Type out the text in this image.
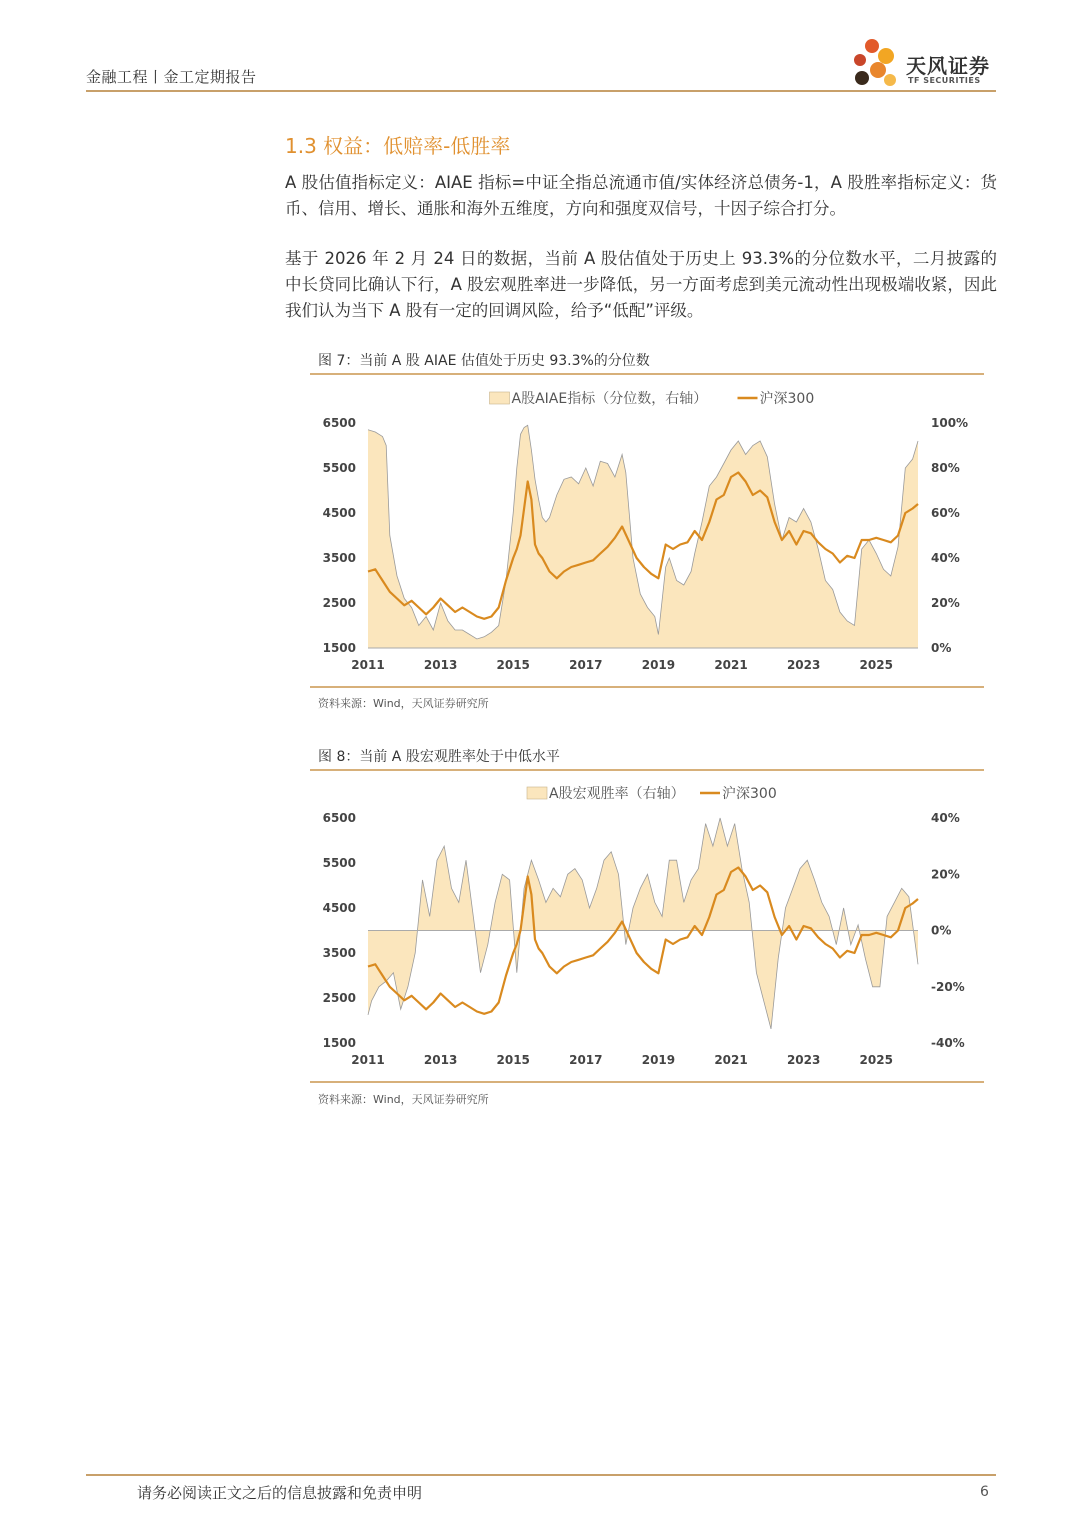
金融工程丨金工定期报告	天风证券
TF SECURITIES
1.3 权益：低赔率-低胜率
A 股估值指标定义：AIAE 指标=中证全指总流通市值/实体经济总债务-1，A 股胜率指标定义：货币、信用、增长、通胀和海外五维度，方向和强度双信号，十因子综合打分。
基于 2026 年 2 月 24 日的数据，当前 A 股估值处于历史上 93.3%的分位数水平，二月披露的中长贷同比确认下行，A 股宏观胜率进一步降低，另一方面考虑到美元流动性出现极端收紧，因此我们认为当下 A 股有一定的回调风险，给予“低配”评级。
图 7：当前 A 股 AIAE 估值处于历史 93.3%的分位数
1500
2500
3500
4500
5500
6500
0%
20%
40%
60%
80%
100%
2011	2013	2015	2017	2019	2021	2023	2025
A股AIAE指标（分位数，右轴）	沪深300
资料来源：Wind，天风证券研究所
图 8：当前 A 股宏观胜率处于中低水平
1500
2500
3500
4500
5500
6500
-40%
-20%
0%
20%
40%
2011	2013	2015	2017	2019	2021	2023	2025
A股宏观胜率（右轴）	沪深300
资料来源：Wind，天风证券研究所
请务必阅读正文之后的信息披露和免责申明	6
